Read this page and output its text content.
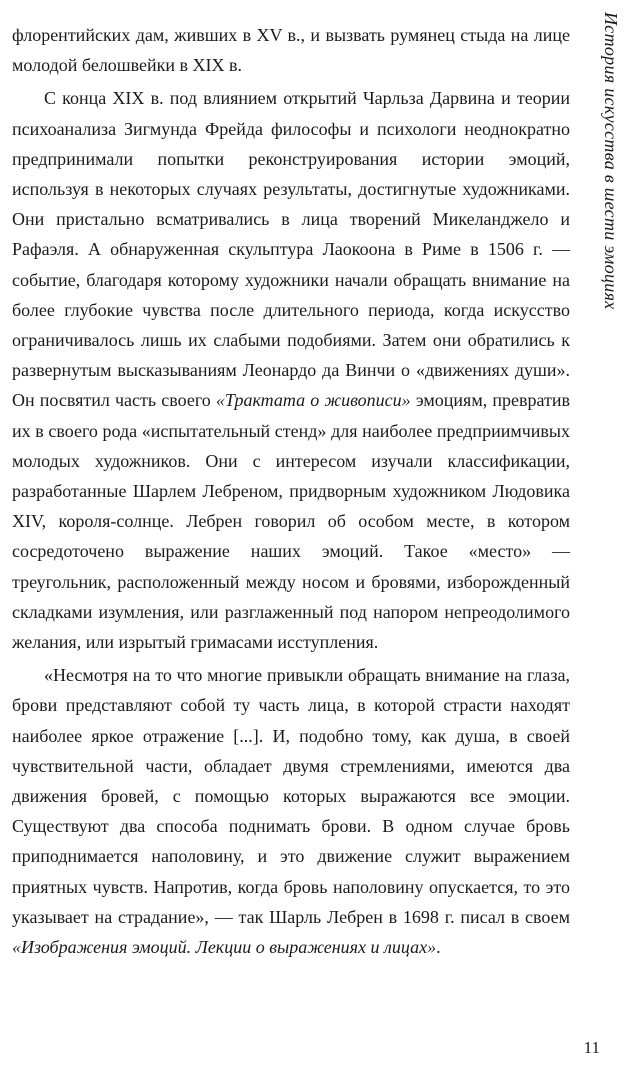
История искусства в шести эмоциях

флорентийских дам, живших в XV в., и вызвать румянец стыда на лице молодой белошвейки в XIX в.

С конца XIX в. под влиянием открытий Чарльза Дарвина и теории психоанализа Зигмунда Фрейда философы и психологи неоднократно предпринимали попытки реконструирования истории эмоций, используя в некоторых случаях результаты, достигнутые художниками. Они пристально всматривались в лица творений Микеланджело и Рафаэля. А обнаруженная скульптура Лаокоона в Риме в 1506 г. — событие, благодаря которому художники начали обращать внимание на более глубокие чувства после длительного периода, когда искусство ограничивалось лишь их слабыми подобиями. Затем они обратились к развернутым высказываниям Леонардо да Винчи о «движениях души». Он посвятил часть своего «Трактата о живописи» эмоциям, превратив их в своего рода «испытательный стенд» для наиболее предприимчивых молодых художников. Они с интересом изучали классификации, разработанные Шарлем Лебреном, придворным художником Людовика XIV, короля-солнце. Лебрен говорил об особом месте, в котором сосредоточено выражение наших эмоций. Такое «место» — треугольник, расположенный между носом и бровями, изборожденный складками изумления, или разглаженный под напором непреодолимого желания, или изрытый гримасами исступления.

«Несмотря на то что многие привыкли обращать внимание на глаза, брови представляют собой ту часть лица, в которой страсти находят наиболее яркое отражение [...]. И, подобно тому, как душа, в своей чувствительной части, обладает двумя стремлениями, имеются два движения бровей, с помощью которых выражаются все эмоции. Существуют два способа поднимать брови. В одном случае бровь приподнимается наполовину, и это движение служит выражением приятных чувств. Напротив, когда бровь наполовину опускается, то это указывает на страдание», — так Шарль Лебрен в 1698 г. писал в своем «Изображения эмоций. Лекции о выражениях и лицах».

11
